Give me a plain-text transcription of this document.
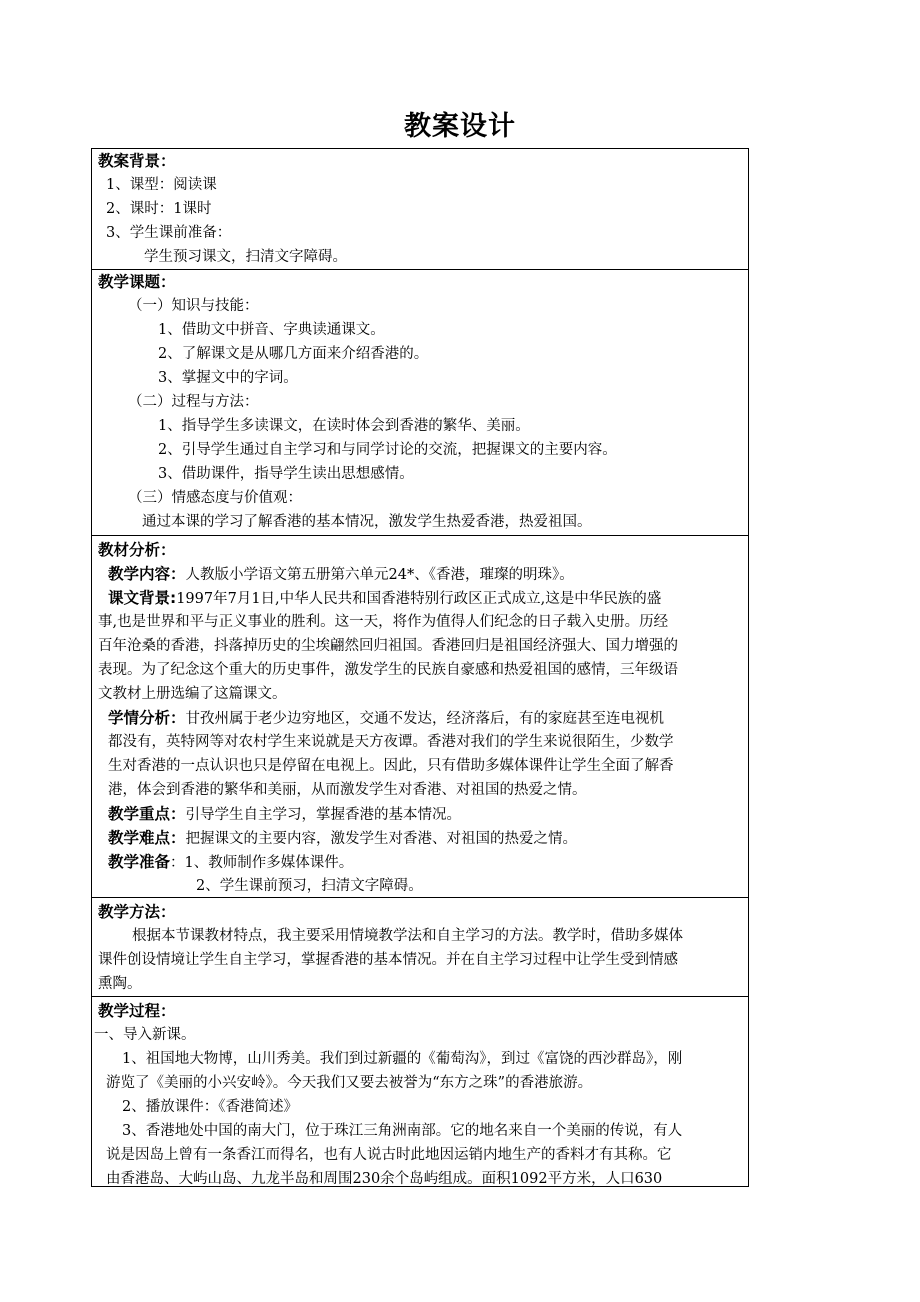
教案设计
教案背景：
1、课型：阅读课
2、课时：1课时
3、学生课前准备：
学生预习课文，扫清文字障碍。
教学课题：
（一）知识与技能：
1、借助文中拼音、字典读通课文。
2、了解课文是从哪几方面来介绍香港的。
3、掌握文中的字词。
（二）过程与方法：
1、指导学生多读课文，在读时体会到香港的繁华、美丽。
2、引导学生通过自主学习和与同学讨论的交流，把握课文的主要内容。
3、借助课件，指导学生读出思想感情。
（三）情感态度与价值观：
通过本课的学习了解香港的基本情况，激发学生热爱香港，热爱祖国。
教材分析：
教学内容：人教版小学语文第五册第六单元24*、《香港，璀璨的明珠》。
课文背景:1997年7月1日,中华人民共和国香港特别行政区正式成立,这是中华民族的盛
事,也是世界和平与正义事业的胜利。这一天，将作为值得人们纪念的日子载入史册。历经
百年沧桑的香港，抖落掉历史的尘埃翩然回归祖国。香港回归是祖国经济强大、国力增强的
表现。为了纪念这个重大的历史事件，激发学生的民族自豪感和热爱祖国的感情，三年级语
文教材上册选编了这篇课文。
学情分析：甘孜州属于老少边穷地区，交通不发达，经济落后，有的家庭甚至连电视机
都没有，英特网等对农村学生来说就是天方夜谭。香港对我们的学生来说很陌生，少数学
生对香港的一点认识也只是停留在电视上。因此，只有借助多媒体课件让学生全面了解香
港，体会到香港的繁华和美丽，从而激发学生对香港、对祖国的热爱之情。
教学重点：引导学生自主学习，掌握香港的基本情况。
教学难点：把握课文的主要内容，激发学生对香港、对祖国的热爱之情。
教学准备：1、教师制作多媒体课件。
2、学生课前预习，扫清文字障碍。
教学方法：
根据本节课教材特点，我主要采用情境教学法和自主学习的方法。教学时，借助多媒体
课件创设情境让学生自主学习，掌握香港的基本情况。并在自主学习过程中让学生受到情感
熏陶。
教学过程：
一、导入新课。
1、祖国地大物博，山川秀美。我们到过新疆的《葡萄沟》，到过《富饶的西沙群岛》，刚
游览了《美丽的小兴安岭》。今天我们又要去被誉为“东方之珠”的香港旅游。
2、播放课件：《香港简述》
3、香港地处中国的南大门，位于珠江三角洲南部。它的地名来自一个美丽的传说，有人
说是因岛上曾有一条香江而得名，也有人说古时此地因运销内地生产的香料才有其称。它
由香港岛、大屿山岛、九龙半岛和周围230余个岛屿组成。面积1092平方米，人口630
